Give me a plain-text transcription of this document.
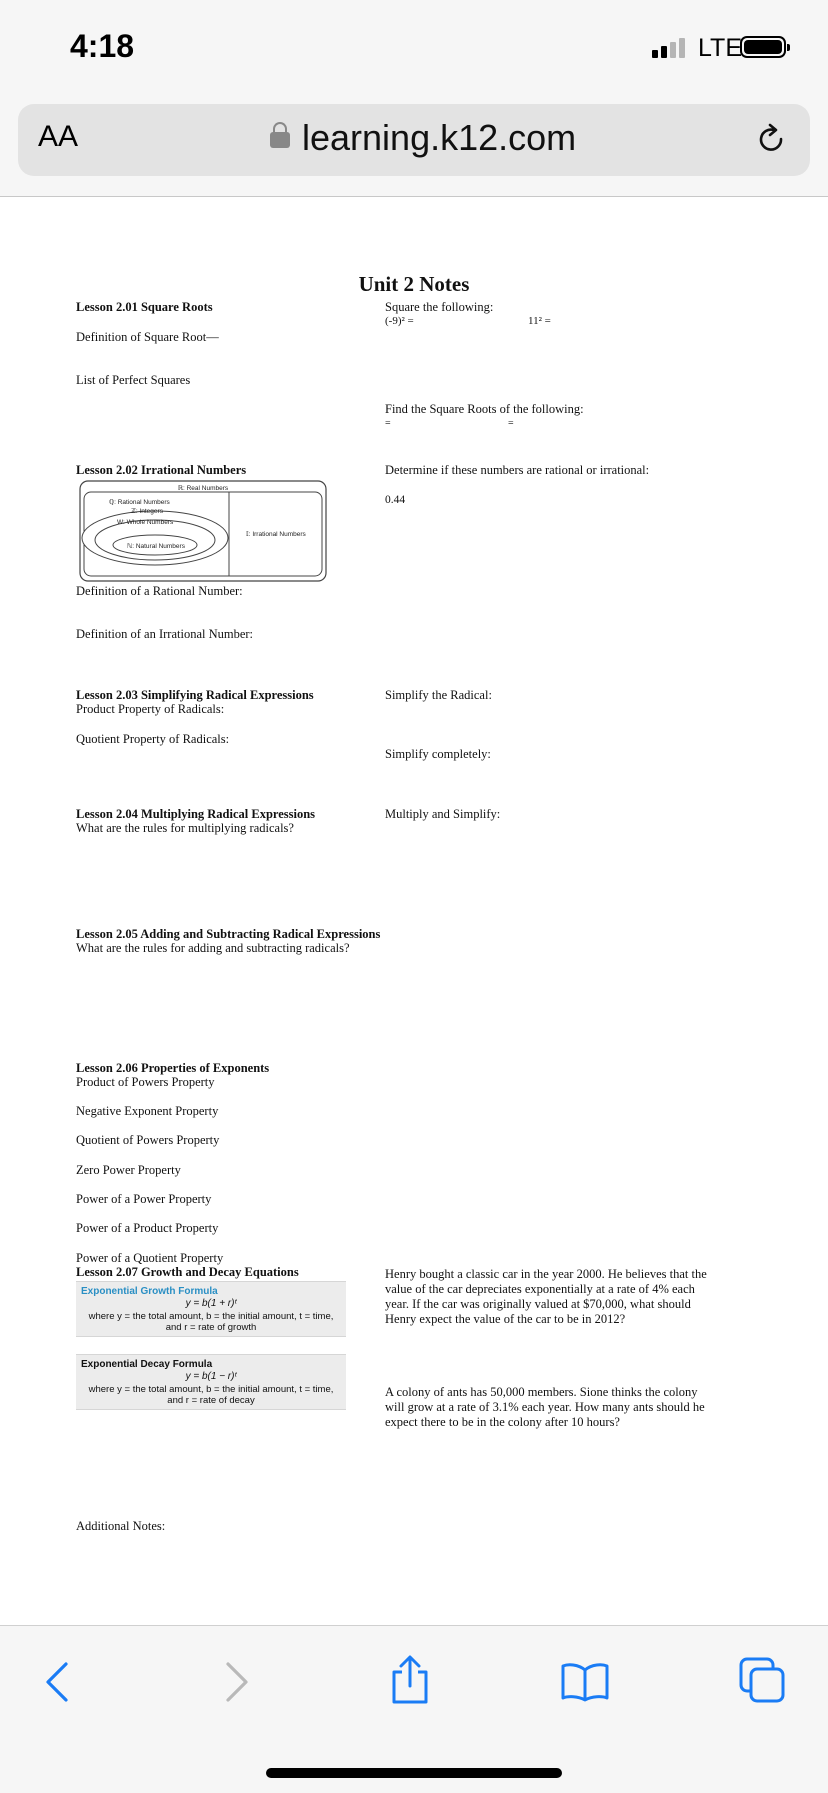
4:18	LTE
AA	learning.k12.com
Unit 2 Notes
Lesson 2.01 Square Roots
Definition of Square Root—
List of Perfect Squares
Square the following:
(-9)² =	11² =
Find the Square Roots of the following:
=	=
Lesson 2.02 Irrational Numbers	Determine if these numbers are rational or irrational:
0.44
ℝ: Real Numbers
ℚ: Rational Numbers
ℤ: Integers
W: Whole Numbers
ℕ: Natural Numbers
𝕀: Irrational Numbers
Definition of a Rational Number:
Definition of an Irrational Number:
Lesson 2.03 Simplifying Radical Expressions
Product Property of Radicals:
Quotient Property of Radicals:
Simplify the Radical:
Simplify completely:
Lesson 2.04 Multiplying Radical Expressions
What are the rules for multiplying radicals?
Multiply and Simplify:
Lesson 2.05 Adding and Subtracting Radical Expressions
What are the rules for adding and subtracting radicals?
Lesson 2.06 Properties of Exponents
Product of Powers Property
Negative Exponent Property
Quotient of Powers Property
Zero Power Property
Power of a Power Property
Power of a Product Property
Power of a Quotient Property
Lesson 2.07 Growth and Decay Equations
Exponential Growth Formula
y = b(1 + r)ᵗ
where y = the total amount, b = the initial amount, t = time, and r = rate of growth
Exponential Decay Formula
y = b(1 − r)ᵗ
where y = the total amount, b = the initial amount, t = time, and r = rate of decay
Henry bought a classic car in the year 2000. He believes that the value of the car depreciates exponentially at a rate of 4% each year. If the car was originally valued at $70,000, what should Henry expect the value of the car to be in 2012?
A colony of ants has 50,000 members. Sione thinks the colony will grow at a rate of 3.1% each year. How many ants should he expect there to be in the colony after 10 hours?
Additional Notes:
